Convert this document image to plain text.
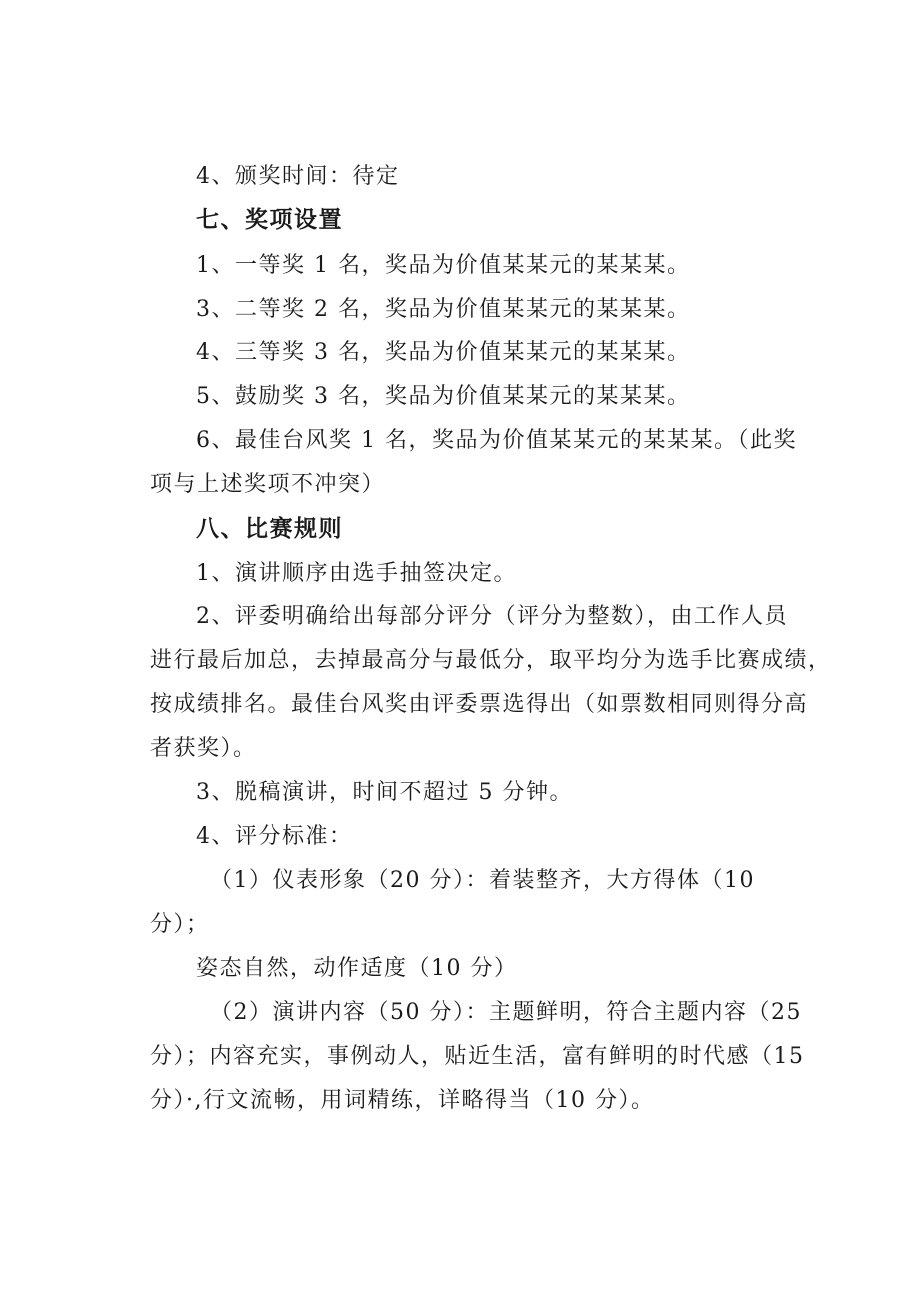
4、颁奖时间：待定
七、奖项设置
1、一等奖 1 名，奖品为价值某某元的某某某。
3、二等奖 2 名，奖品为价值某某元的某某某。
4、三等奖 3 名，奖品为价值某某元的某某某。
5、鼓励奖 3 名，奖品为价值某某元的某某某。
6、最佳台风奖 1 名，奖品为价值某某元的某某某。（此奖
项与上述奖项不冲突）
八、比赛规则
1、演讲顺序由选手抽签决定。
2、评委明确给出每部分评分（评分为整数），由工作人员
进行最后加总，去掉最高分与最低分，取平均分为选手比赛成绩，
按成绩排名。最佳台风奖由评委票选得出（如票数相同则得分高
者获奖）。
3、脱稿演讲，时间不超过 5 分钟。
4、评分标准：
（1）仪表形象（20 分）：着装整齐，大方得体（10
分）；
姿态自然，动作适度（10 分）
（2）演讲内容（50 分）：主题鲜明，符合主题内容（25
分）；内容充实，事例动人，贴近生活，富有鲜明的时代感（15
分）·,行文流畅，用词精练，详略得当（10 分）。
